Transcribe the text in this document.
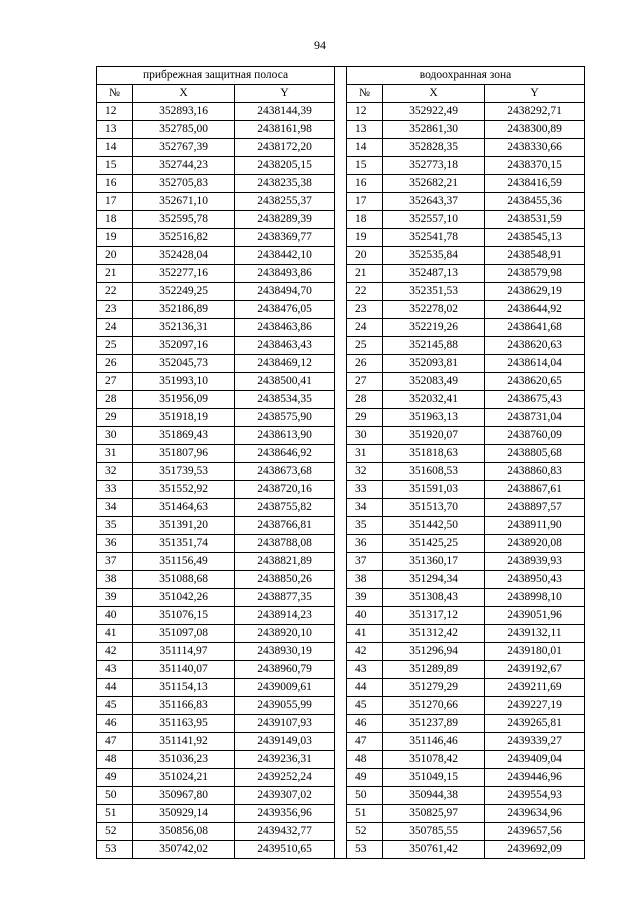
94
прибрежная защитная полоса				водоохранная зона		
№	X	Y		№	X	Y
12	352893,16	2438144,39		12	352922,49	2438292,71
13	352785,00	2438161,98		13	352861,30	2438300,89
14	352767,39	2438172,20		14	352828,35	2438330,66
15	352744,23	2438205,15		15	352773,18	2438370,15
16	352705,83	2438235,38		16	352682,21	2438416,59
17	352671,10	2438255,37		17	352643,37	2438455,36
18	352595,78	2438289,39		18	352557,10	2438531,59
19	352516,82	2438369,77		19	352541,78	2438545,13
20	352428,04	2438442,10		20	352535,84	2438548,91
21	352277,16	2438493,86		21	352487,13	2438579,98
22	352249,25	2438494,70		22	352351,53	2438629,19
23	352186,89	2438476,05		23	352278,02	2438644,92
24	352136,31	2438463,86		24	352219,26	2438641,68
25	352097,16	2438463,43		25	352145,88	2438620,63
26	352045,73	2438469,12		26	352093,81	2438614,04
27	351993,10	2438500,41		27	352083,49	2438620,65
28	351956,09	2438534,35		28	352032,41	2438675,43
29	351918,19	2438575,90		29	351963,13	2438731,04
30	351869,43	2438613,90		30	351920,07	2438760,09
31	351807,96	2438646,92		31	351818,63	2438805,68
32	351739,53	2438673,68		32	351608,53	2438860,83
33	351552,92	2438720,16		33	351591,03	2438867,61
34	351464,63	2438755,82		34	351513,70	2438897,57
35	351391,20	2438766,81		35	351442,50	2438911,90
36	351351,74	2438788,08		36	351425,25	2438920,08
37	351156,49	2438821,89		37	351360,17	2438939,93
38	351088,68	2438850,26		38	351294,34	2438950,43
39	351042,26	2438877,35		39	351308,43	2438998,10
40	351076,15	2438914,23		40	351317,12	2439051,96
41	351097,08	2438920,10		41	351312,42	2439132,11
42	351114,97	2438930,19		42	351296,94	2439180,01
43	351140,07	2438960,79		43	351289,89	2439192,67
44	351154,13	2439009,61		44	351279,29	2439211,69
45	351166,83	2439055,99		45	351270,66	2439227,19
46	351163,95	2439107,93		46	351237,89	2439265,81
47	351141,92	2439149,03		47	351146,46	2439339,27
48	351036,23	2439236,31		48	351078,42	2439409,04
49	351024,21	2439252,24		49	351049,15	2439446,96
50	350967,80	2439307,02		50	350944,38	2439554,93
51	350929,14	2439356,96		51	350825,97	2439634,96
52	350856,08	2439432,77		52	350785,55	2439657,56
53	350742,02	2439510,65		53	350761,42	2439692,09
